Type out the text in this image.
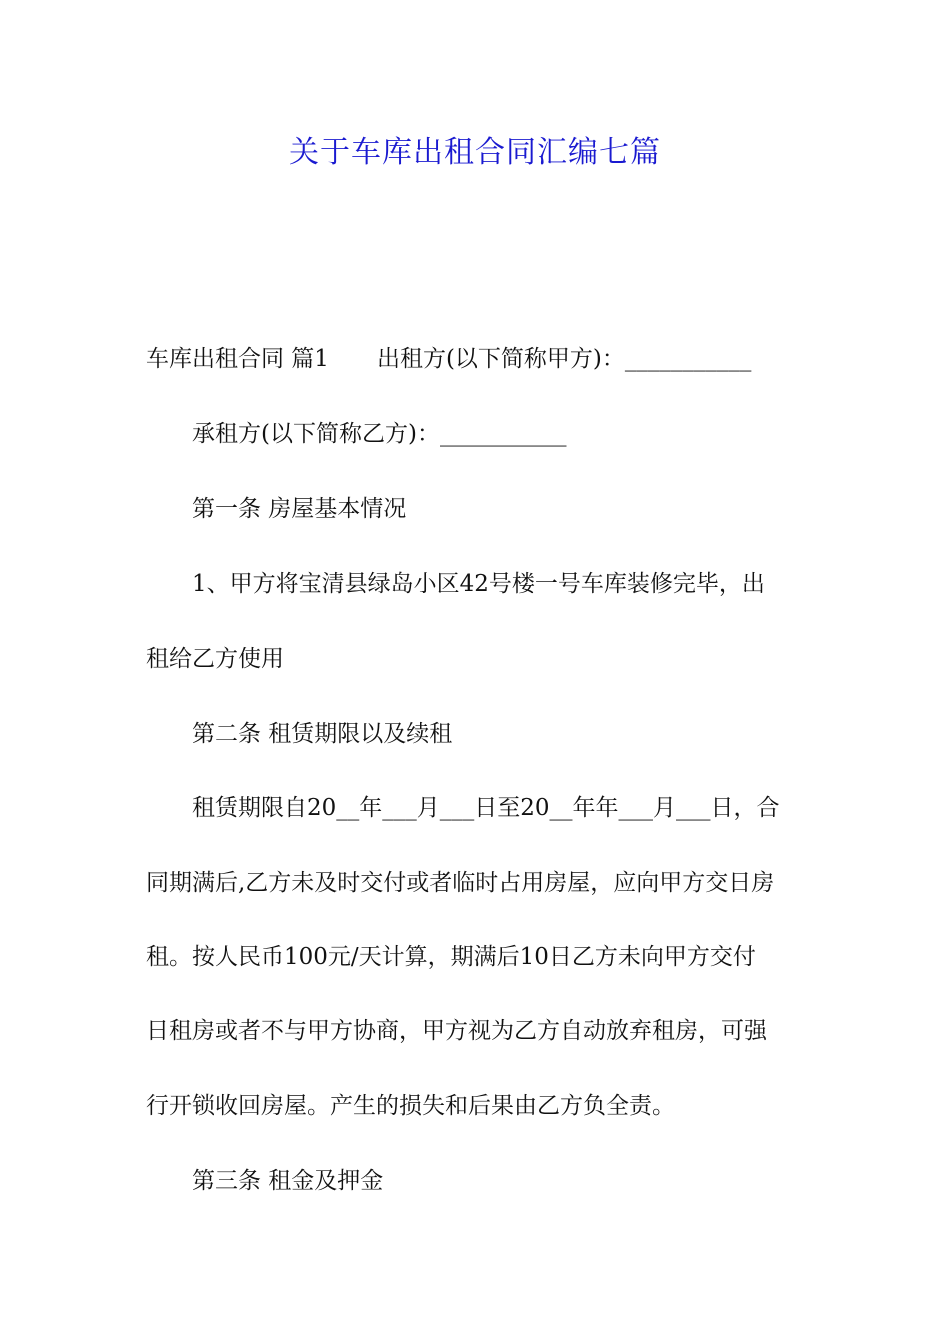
关于车库出租合同汇编七篇
车库出租合同 篇1 出租方(以下简称甲方)：___________
承租方(以下简称乙方)：___________
第一条 房屋基本情况
1、甲方将宝清县绿岛小区42号楼一号车库装修完毕，出
租给乙方使用
第二条 租赁期限以及续租
租赁期限自20__年___月___日至20__年年___月___日，合
同期满后,乙方未及时交付或者临时占用房屋，应向甲方交日房
租。按人民币100元/天计算，期满后10日乙方未向甲方交付
日租房或者不与甲方协商，甲方视为乙方自动放弃租房，可强
行开锁收回房屋。产生的损失和后果由乙方负全责。
第三条 租金及押金
